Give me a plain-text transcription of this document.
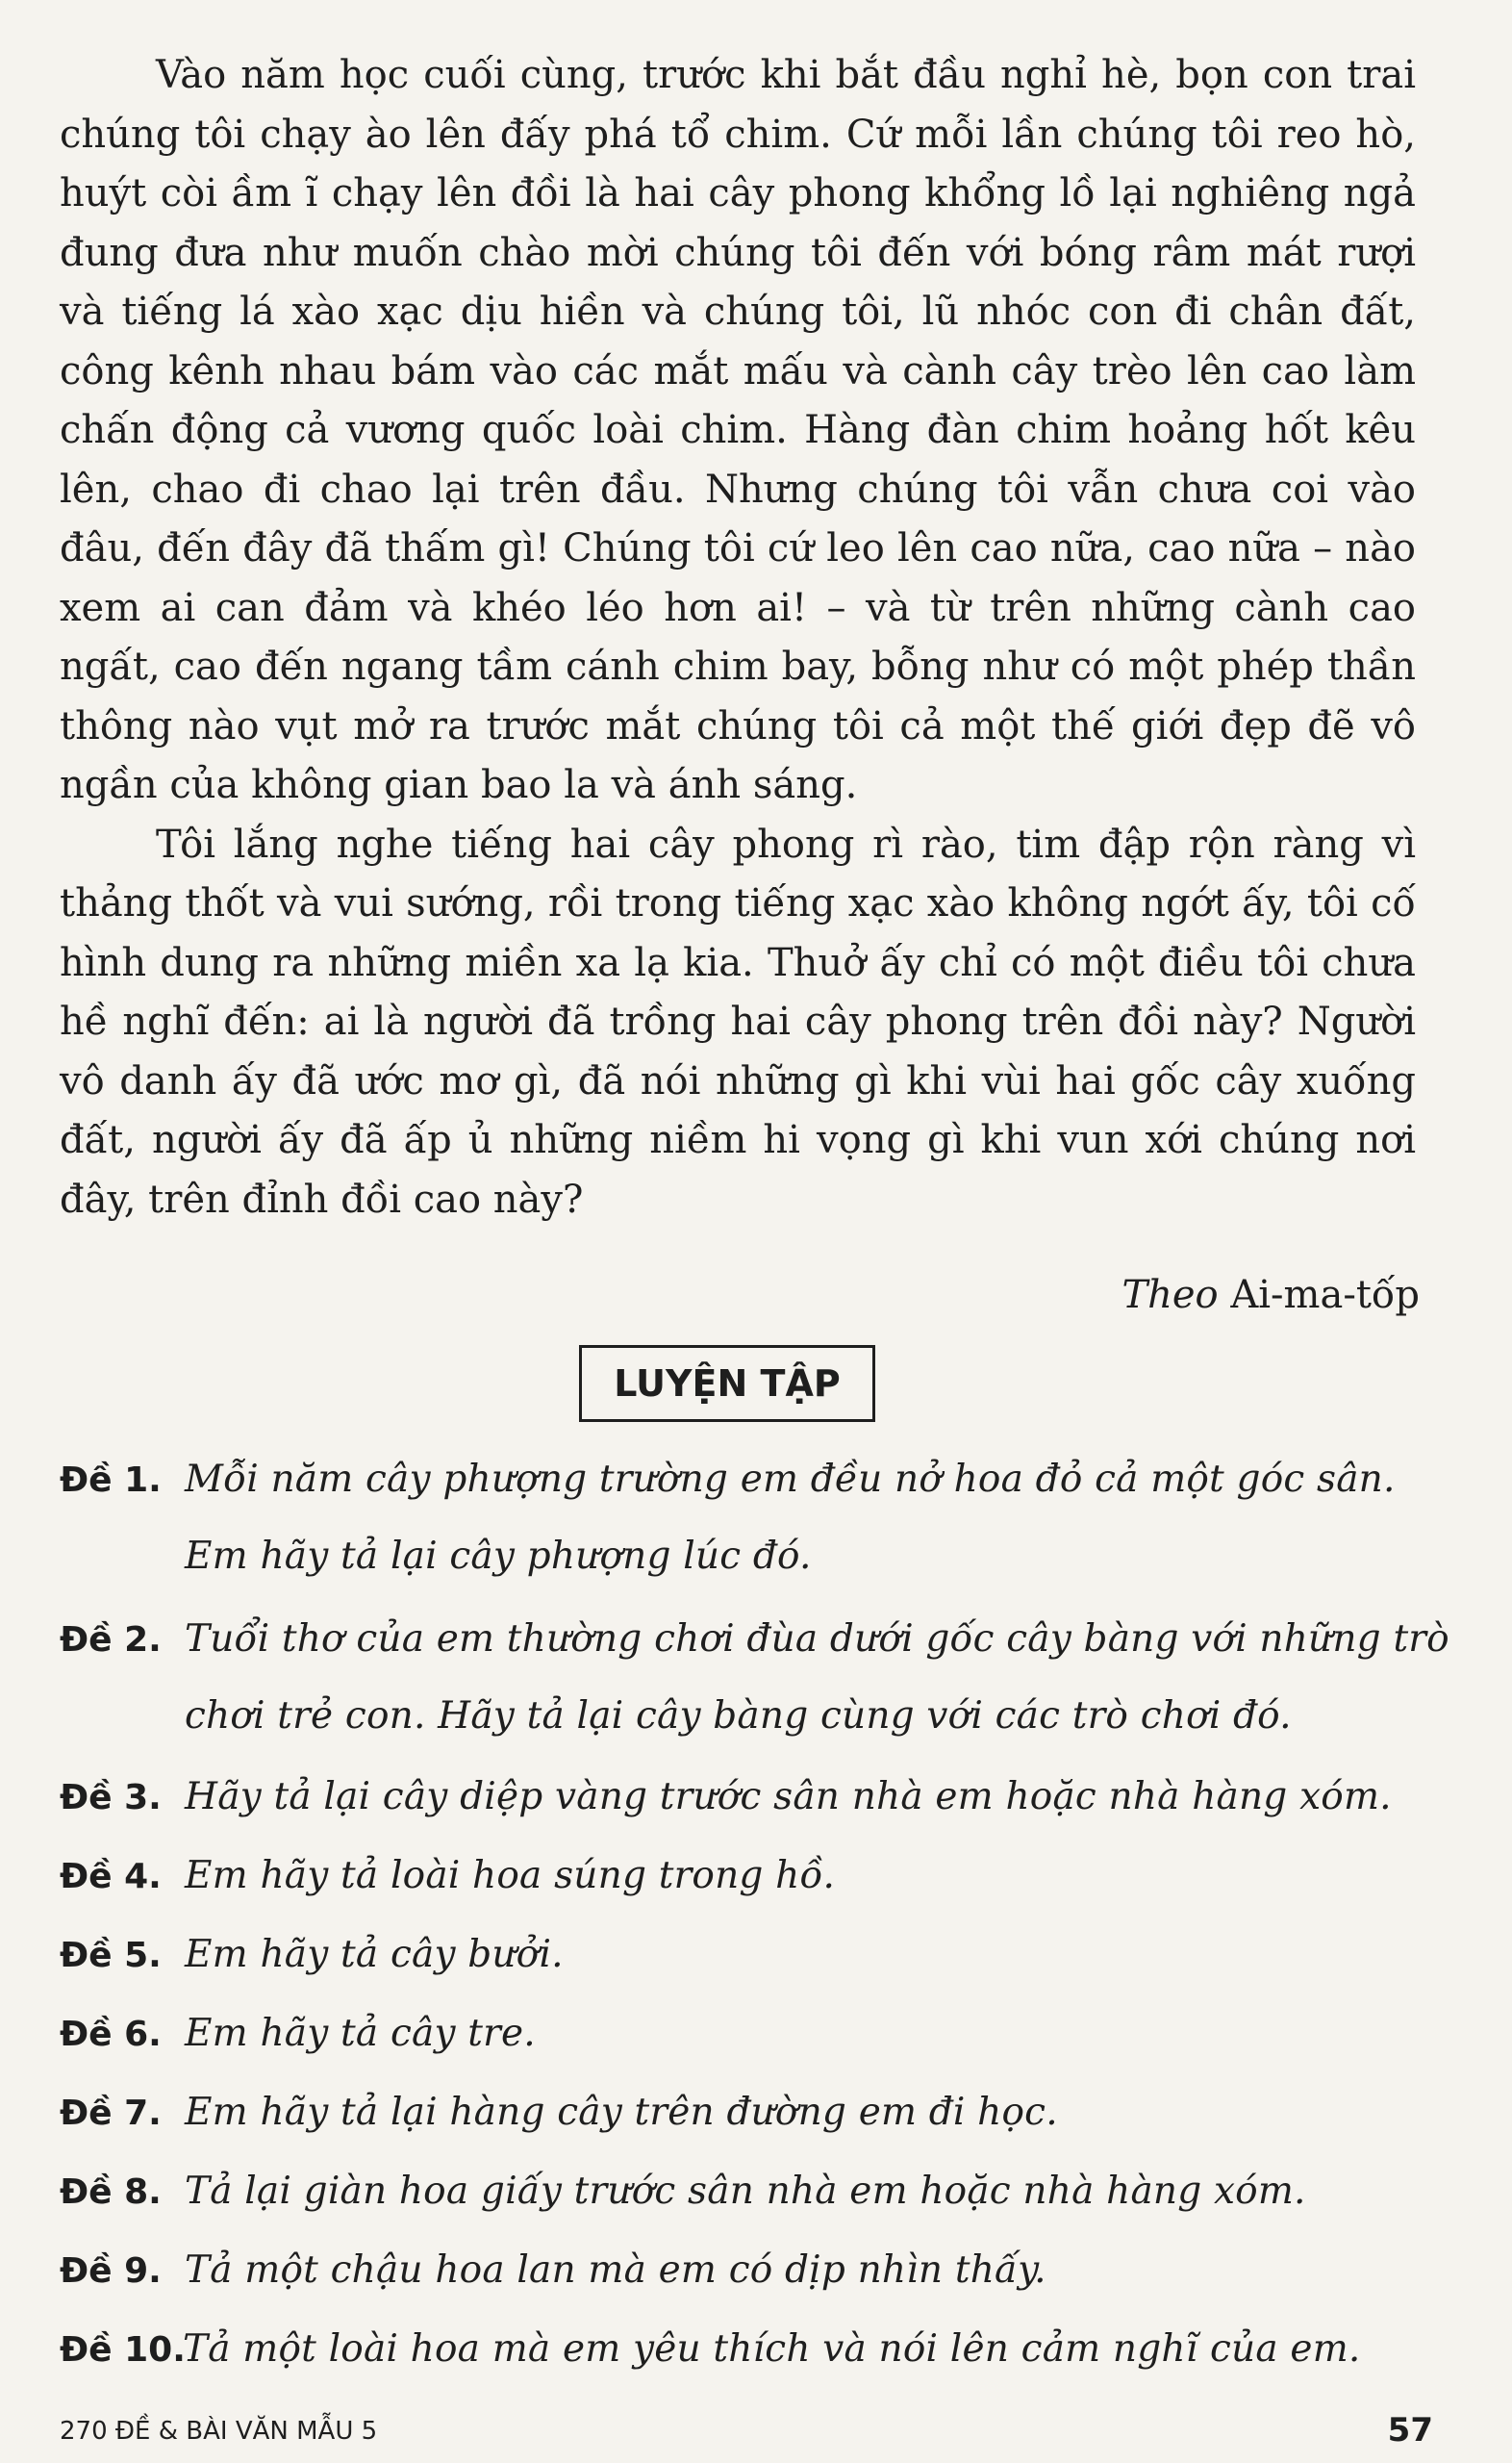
Vào năm học cuối cùng, trước khi bắt đầu nghỉ hè, bọn con trai chúng tôi chạy ào lên đấy phá tổ chim. Cứ mỗi lần chúng tôi reo hò, huýt còi ầm ĩ chạy lên đồi là hai cây phong khổng lồ lại nghiêng ngả đung đưa như muốn chào mời chúng tôi đến với bóng râm mát rượi và tiếng lá xào xạc dịu hiền và chúng tôi, lũ nhóc con đi chân đất, công kênh nhau bám vào các mắt mấu và cành cây trèo lên cao làm chấn động cả vương quốc loài chim. Hàng đàn chim hoảng hốt kêu lên, chao đi chao lại trên đầu. Nhưng chúng tôi vẫn chưa coi vào đâu, đến đây đã thấm gì! Chúng tôi cứ leo lên cao nữa, cao nữa – nào xem ai can đảm và khéo léo hơn ai! – và từ trên những cành cao ngất, cao đến ngang tầm cánh chim bay, bỗng như có một phép thần thông nào vụt mở ra trước mắt chúng tôi cả một thế giới đẹp đẽ vô ngần của không gian bao la và ánh sáng.

Tôi lắng nghe tiếng hai cây phong rì rào, tim đập rộn ràng vì thảng thốt và vui sướng, rồi trong tiếng xạc xào không ngớt ấy, tôi cố hình dung ra những miền xa lạ kia. Thuở ấy chỉ có một điều tôi chưa hề nghĩ đến: ai là người đã trồng hai cây phong trên đồi này? Người vô danh ấy đã ước mơ gì, đã nói những gì khi vùi hai gốc cây xuống đất, người ấy đã ấp ủ những niềm hi vọng gì khi vun xới chúng nơi đây, trên đỉnh đồi cao này?

Theo Ai-ma-tốp
LUYỆN TẬP
Đề 1. Mỗi năm cây phượng trường em đều nở hoa đỏ cả một góc sân. Em hãy tả lại cây phượng lúc đó.
Đề 2. Tuổi thơ của em thường chơi đùa dưới gốc cây bàng với những trò chơi trẻ con. Hãy tả lại cây bàng cùng với các trò chơi đó.
Đề 3. Hãy tả lại cây diệp vàng trước sân nhà em hoặc nhà hàng xóm.
Đề 4. Em hãy tả loài hoa súng trong hồ.
Đề 5. Em hãy tả cây bưởi.
Đề 6. Em hãy tả cây tre.
Đề 7. Em hãy tả lại hàng cây trên đường em đi học.
Đề 8. Tả lại giàn hoa giấy trước sân nhà em hoặc nhà hàng xóm.
Đề 9. Tả một chậu hoa lan mà em có dịp nhìn thấy.
Đề 10.
Tả một loài hoa mà em yêu thích và nói lên cảm nghĩ của em.
270 ĐỀ & BÀI VĂN MẪU 5	57
